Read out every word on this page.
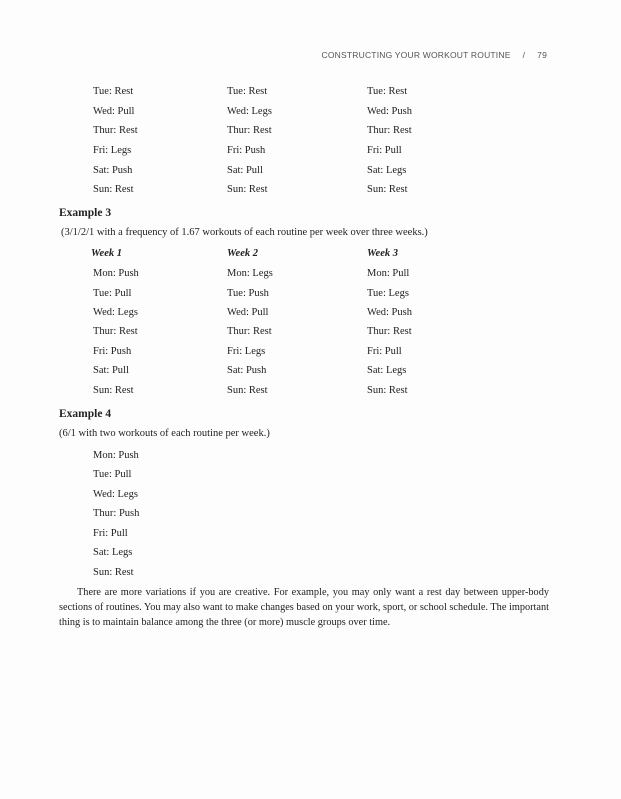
CONSTRUCTING YOUR WORKOUT ROUTINE / 79
Tue: Rest
Wed: Pull
Thur: Rest
Fri: Legs
Sat: Push
Sun: Rest
Tue: Rest
Wed: Legs
Thur: Rest
Fri: Push
Sat: Pull
Sun: Rest
Tue: Rest
Wed: Push
Thur: Rest
Fri: Pull
Sat: Legs
Sun: Rest
Example 3
(3/1/2/1 with a frequency of 1.67 workouts of each routine per week over three weeks.)
Week 1	Week 2	Week 3
Mon: Push
Tue: Pull
Wed: Legs
Thur: Rest
Fri: Push
Sat: Pull
Sun: Rest
Mon: Legs
Tue: Push
Wed: Pull
Thur: Rest
Fri: Legs
Sat: Push
Sun: Rest
Mon: Pull
Tue: Legs
Wed: Push
Thur: Rest
Fri: Pull
Sat: Legs
Sun: Rest
Example 4
(6/1 with two workouts of each routine per week.)
Mon: Push
Tue: Pull
Wed: Legs
Thur: Push
Fri: Pull
Sat: Legs
Sun: Rest

There are more variations if you are creative. For example, you may only want a rest day between upper-body sections of routines. You may also want to make changes based on your work, sport, or school schedule. The important thing is to maintain balance among the three (or more) muscle groups over time.
